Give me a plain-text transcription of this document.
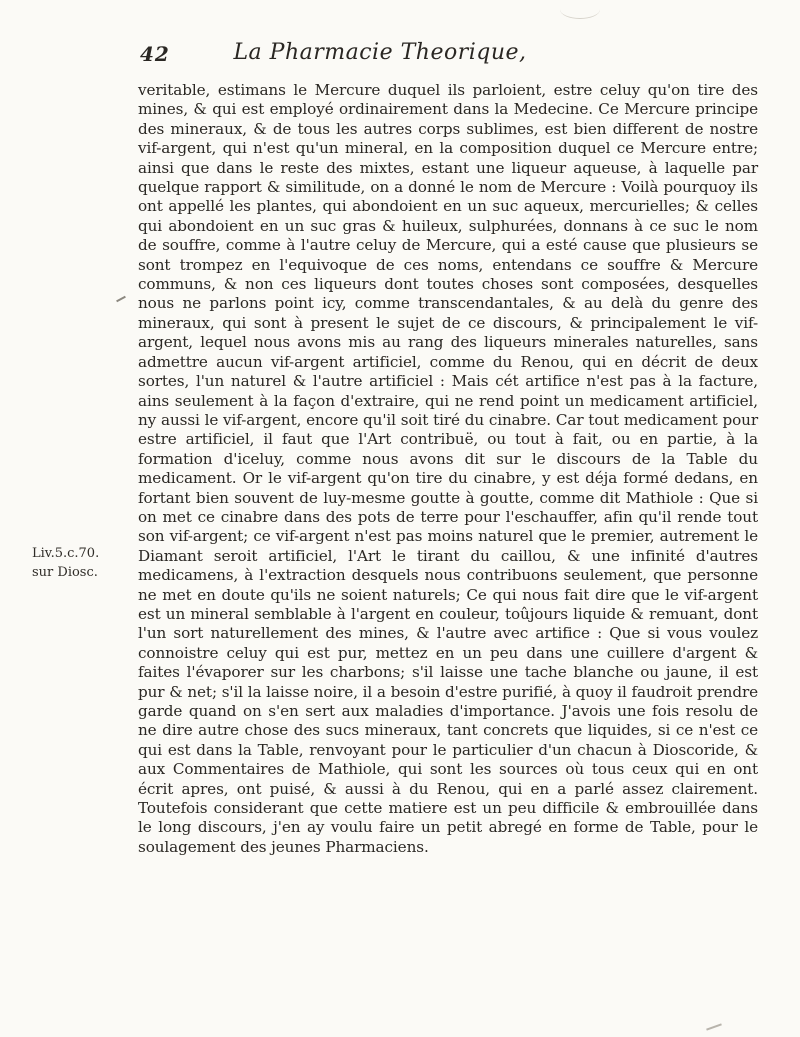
42	La Pharmacie Theorique,
Liv.5.c.70.
sur Diosc.

veritable, estimans le Mercure duquel ils parloient, estre celuy qu'on tire des mines, & qui est employé ordinairement dans la Medecine. Ce Mercure principe des mineraux, & de tous les autres corps sublimes, est bien different de nostre vif-argent, qui n'est qu'un mineral, en la composition duquel ce Mercure entre; ainsi que dans le reste des mixtes, estant une liqueur aqueuse, à laquelle par quelque rapport & similitude, on a donné le nom de Mercure : Voilà pourquoy ils ont appellé les plantes, qui abondoient en un suc aqueux, mercurielles; & celles qui abondoient en un suc gras & huileux, sulphurées, donnans à ce suc le nom de souffre, comme à l'autre celuy de Mercure, qui a esté cause que plusieurs se sont trompez en l'equivoque de ces noms, entendans ce souffre & Mercure communs, & non ces liqueurs dont toutes choses sont composées, desquelles nous ne parlons point icy, comme transcendantales, & au delà du genre des mineraux, qui sont à present le sujet de ce discours, & principalement le vif-argent, lequel nous avons mis au rang des liqueurs minerales naturelles, sans admettre aucun vif-argent artificiel, comme du Renou, qui en décrit de deux sortes, l'un naturel & l'autre artificiel : Mais cét artifice n'est pas à la facture, ains seulement à la façon d'extraire, qui ne rend point un medicament artificiel, ny aussi le vif-argent, encore qu'il soit tiré du cinabre. Car tout medicament pour estre artificiel, il faut que l'Art contribuë, ou tout à fait, ou en partie, à la formation d'iceluy, comme nous avons dit sur le discours de la Table du medicament. Or le vif-argent qu'on tire du cinabre, y est déja formé dedans, en fortant bien souvent de luy-mesme goutte à goutte, comme dit Mathiole : Que si on met ce cinabre dans des pots de terre pour l'eschauffer, afin qu'il rende tout son vif-argent; ce vif-argent n'est pas moins naturel que le premier, autrement le Diamant seroit artificiel, l'Art le tirant du caillou, & une infinité d'autres medicamens, à l'extraction desquels nous contribuons seulement, que personne ne met en doute qu'ils ne soient naturels; Ce qui nous fait dire que le vif-argent est un mineral semblable à l'argent en couleur, toûjours liquide & remuant, dont l'un sort naturellement des mines, & l'autre avec artifice : Que si vous voulez connoistre celuy qui est pur, mettez en un peu dans une cuillere d'argent & faites l'évaporer sur les charbons; s'il laisse une tache blanche ou jaune, il est pur & net; s'il la laisse noire, il a besoin d'estre purifié, à quoy il faudroit prendre garde quand on s'en sert aux maladies d'importance. J'avois une fois resolu de ne dire autre chose des sucs mineraux, tant concrets que liquides, si ce n'est ce qui est dans la Table, renvoyant pour le particulier d'un chacun à Dioscoride, & aux Commentaires de Mathiole, qui sont les sources où tous ceux qui en ont écrit apres, ont puisé, & aussi à du Renou, qui en a parlé assez clairement. Toutefois considerant que cette matiere est un peu difficile & embrouillée dans le long discours, j'en ay voulu faire un petit abregé en forme de Table, pour le soulagement des jeunes Pharmaciens.
